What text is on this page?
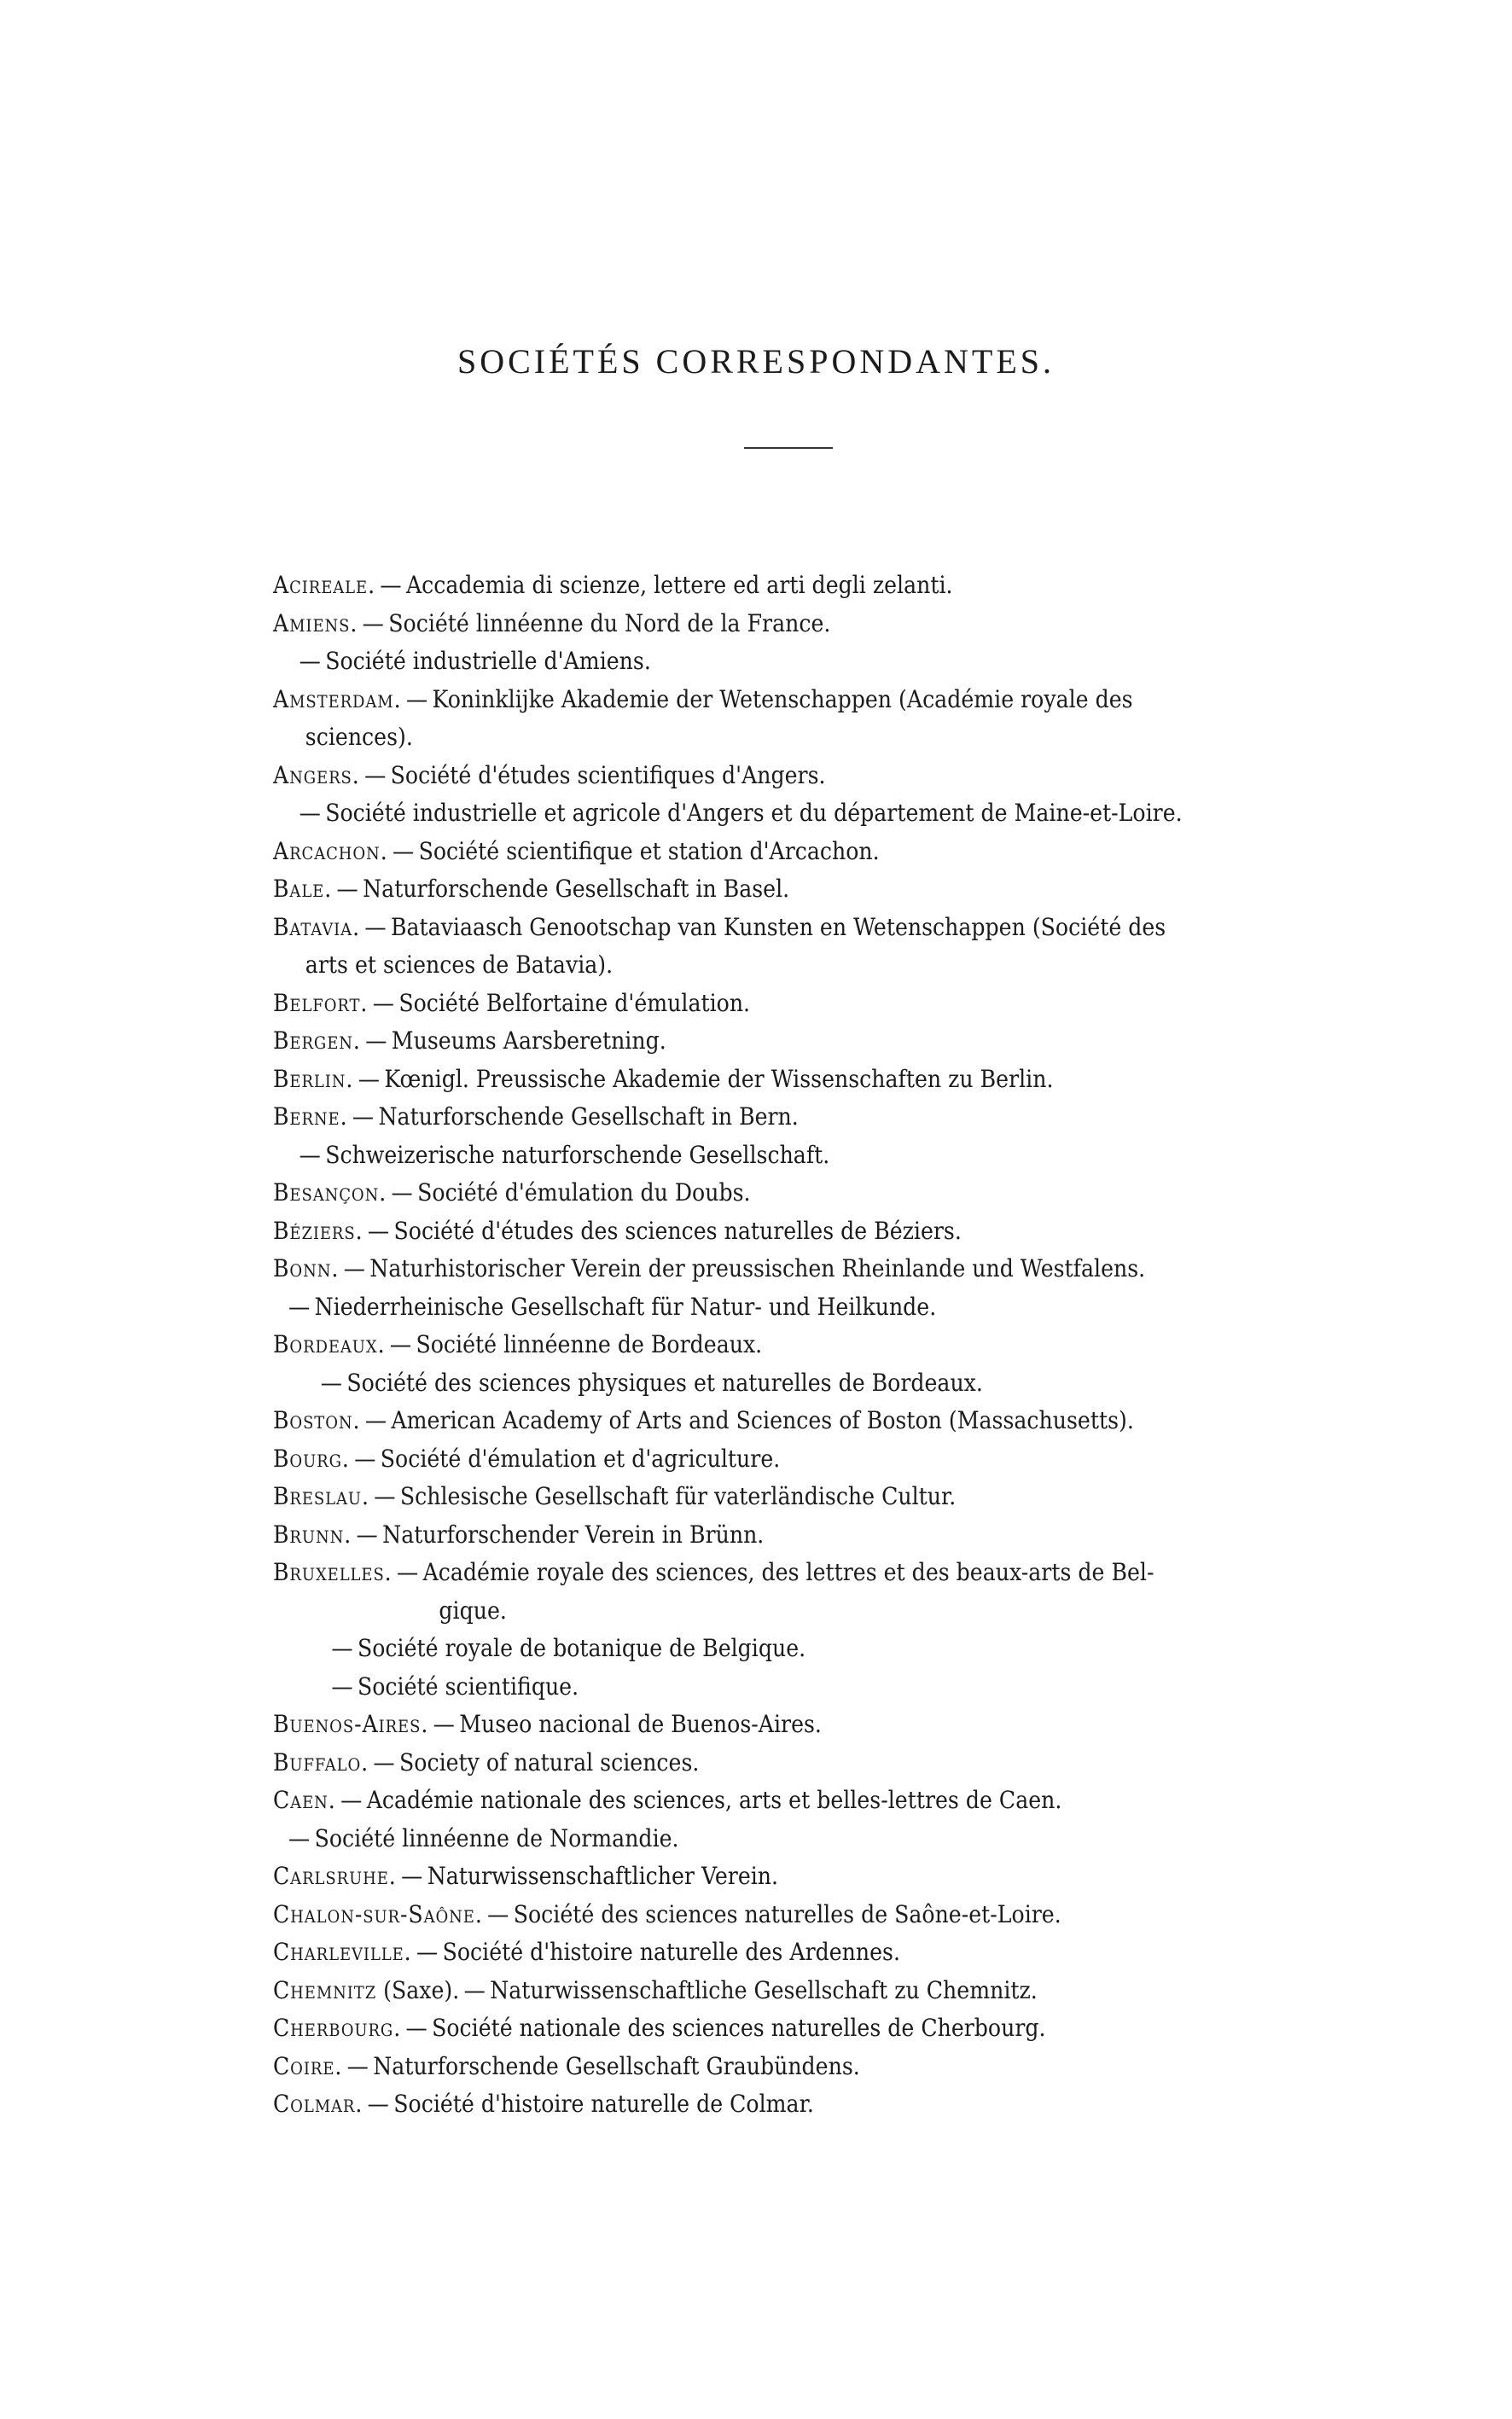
SOCIÉTÉS CORRESPONDANTES.
Acireale. — Accademia di scienze, lettere ed arti degli zelanti.
Amiens. — Société linnéenne du Nord de la France.
— Société industrielle d'Amiens.
Amsterdam. — Koninklijke Akademie der Wetenschappen (Académie royale des
sciences).
Angers. — Société d'études scientifiques d'Angers.
— Société industrielle et agricole d'Angers et du département de Maine-et-Loire.
Arcachon. — Société scientifique et station d'Arcachon.
Bale. — Naturforschende Gesellschaft in Basel.
Batavia. — Bataviaasch Genootschap van Kunsten en Wetenschappen (Société des
arts et sciences de Batavia).
Belfort. — Société Belfortaine d'émulation.
Bergen. — Museums Aarsberetning.
Berlin. — Kœnigl. Preussische Akademie der Wissenschaften zu Berlin.
Berne. — Naturforschende Gesellschaft in Bern.
— Schweizerische naturforschende Gesellschaft.
Besançon. — Société d'émulation du Doubs.
Béziers. — Société d'études des sciences naturelles de Béziers.
Bonn. — Naturhistorischer Verein der preussischen Rheinlande und Westfalens.
— Niederrheinische Gesellschaft für Natur- und Heilkunde.
Bordeaux. — Société linnéenne de Bordeaux.
— Société des sciences physiques et naturelles de Bordeaux.
Boston. — American Academy of Arts and Sciences of Boston (Massachusetts).
Bourg. — Société d'émulation et d'agriculture.
Breslau. — Schlesische Gesellschaft für vaterländische Cultur.
Brunn. — Naturforschender Verein in Brünn.
Bruxelles. — Académie royale des sciences, des lettres et des beaux-arts de Bel-
gique.
— Société royale de botanique de Belgique.
— Société scientifique.
Buenos-Aires. — Museo nacional de Buenos-Aires.
Buffalo. — Society of natural sciences.
Caen. — Académie nationale des sciences, arts et belles-lettres de Caen.
— Société linnéenne de Normandie.
Carlsruhe. — Naturwissenschaftlicher Verein.
Chalon-sur-Saône. — Société des sciences naturelles de Saône-et-Loire.
Charleville. — Société d'histoire naturelle des Ardennes.
Chemnitz (Saxe). — Naturwissenschaftliche Gesellschaft zu Chemnitz.
Cherbourg. — Société nationale des sciences naturelles de Cherbourg.
Coire. — Naturforschende Gesellschaft Graubündens.
Colmar. — Société d'histoire naturelle de Colmar.
